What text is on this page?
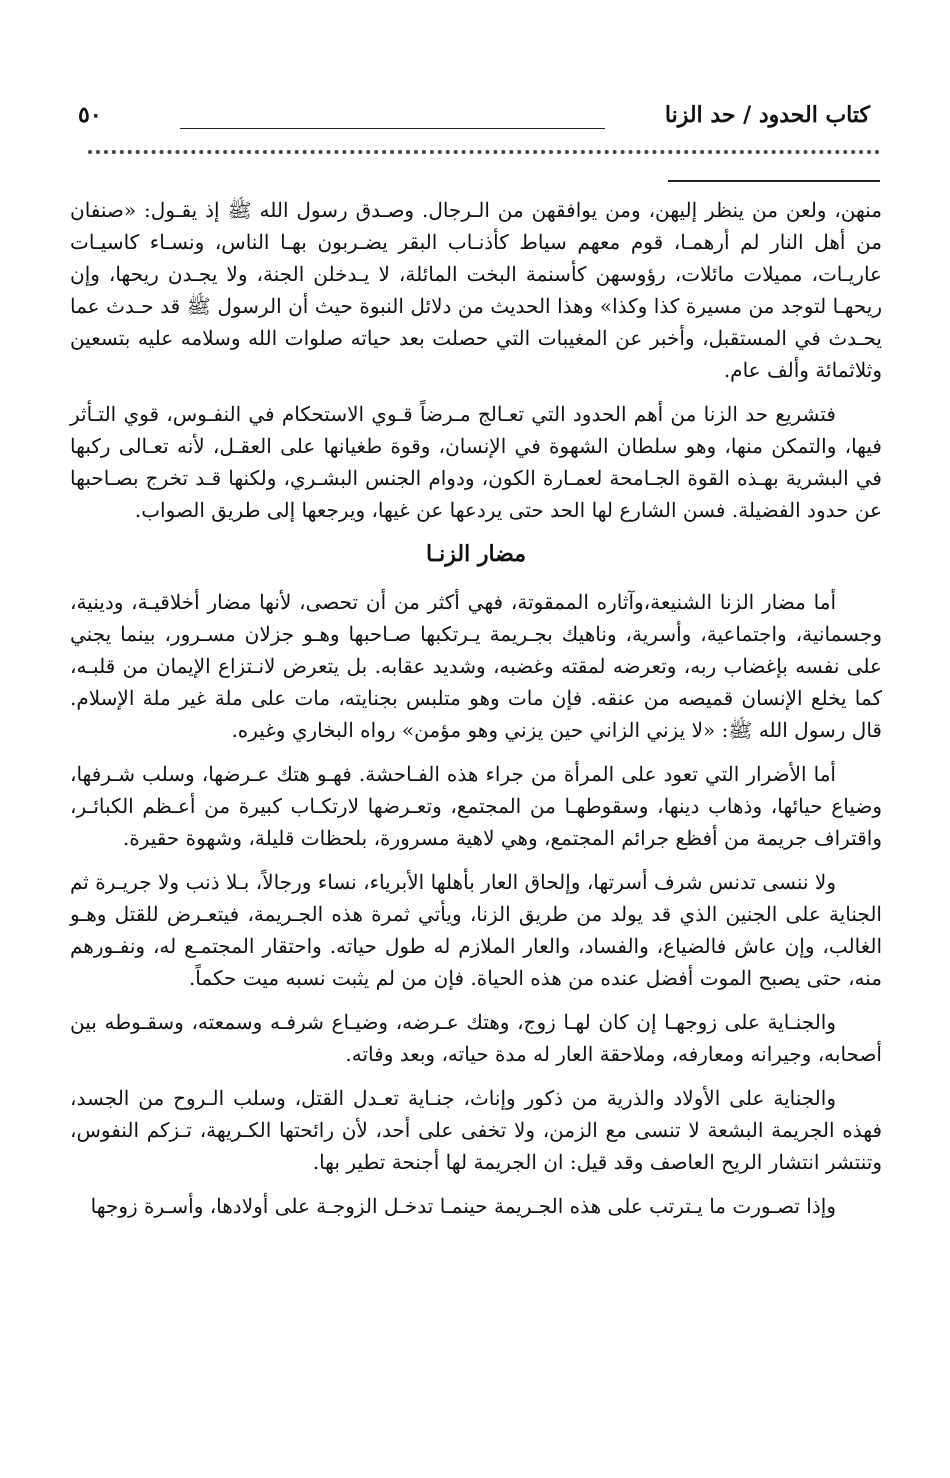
كتاب الحدود / حد الزنا
٥٠

منهن، ولعن من ينظر إليهن، ومن يوافقهن من الـرجال. وصـدق رسول الله ﷺ إذ يقـول: «صنفان من أهل النار لم أرهمـا، قوم معهم سياط كأذنـاب البقر يضـربون بهـا الناس، ونسـاء كاسيـات عاريـات، مميلات مائلات، رؤوسهن كأسنمة البخت المائلة، لا يـدخلن الجنة، ولا يجـدن ريحها، وإن ريحهـا لتوجد من مسيرة كذا وكذا» وهذا الحديث من دلائل النبوة حيث أن الرسول ﷺ قد حـدث عما يحـدث في المستقبل، وأخبر عن المغيبات التي حصلت بعد حياته صلوات الله وسلامه عليه بتسعين وثلاثمائة وألف عام.

فتشريع حد الزنا من أهم الحدود التي تعـالج مـرضاً قـوي الاستحكام في النفـوس، قوي التـأثر فيها، والتمكن منها، وهو سلطان الشهوة في الإنسان، وقوة طغيانها على العقـل، لأنه تعـالى ركبها في البشرية بهـذه القوة الجـامحة لعمـارة الكون، ودوام الجنس البشـري، ولكنها قـد تخرج بصـاحبها عن حدود الفضيلة. فسن الشارع لها الحد حتى يردعها عن غيها، ويرجعها إلى طريق الصواب.

مضار الزنـا

أما مضار الزنا الشنيعة،وآثاره الممقوتة، فهي أكثر من أن تحصى، لأنها مضار أخلاقيـة، ودينية، وجسمانية، واجتماعية، وأسرية، وناهيك بجـريمة يـرتكبها صـاحبها وهـو جزلان مسـرور، بينما يجني على نفسه بإغضاب ربه، وتعرضه لمقته وغضبه، وشديد عقابه. بل يتعرض لانـتزاع الإيمان من قلبـه، كما يخلع الإنسان قميصه من عنقه. فإن مات وهو متلبس بجنايته، مات على ملة غير ملة الإسلام. قال رسول الله ﷺ: «لا يزني الزاني حين يزني وهو مؤمن» رواه البخاري وغيره.

أما الأضرار التي تعود على المرأة من جراء هذه الفـاحشة. فهـو هتك عـرضها، وسلب شـرفها، وضياع حيائها، وذهاب دينها، وسقوطهـا من المجتمع، وتعـرضها لارتكـاب كبيرة من أعـظم الكبائـر، واقتراف جريمة من أفظع جرائم المجتمع، وهي لاهية مسرورة، بلحظات قليلة، وشهوة حقيرة.

ولا ننسى تدنس شرف أسرتها، وإلحاق العار بأهلها الأبرياء، نساء ورجالاً، بـلا ذنب ولا جريـرة ثم الجناية على الجنين الذي قد يولد من طريق الزنا، ويأتي ثمرة هذه الجـريمة، فيتعـرض للقتل وهـو الغالب، وإن عاش فالضياع، والفساد، والعار الملازم له طول حياته. واحتقار المجتمـع له، ونفـورهم منه، حتى يصبح الموت أفضل عنده من هذه الحياة. فإن من لم يثبت نسبه ميت حكماً.

والجنـاية على زوجهـا إن كان لهـا زوج، وهتك عـرضه، وضيـاع شرفـه وسمعته، وسقـوطه بين أصحابه، وجيرانه ومعارفه، وملاحقة العار له مدة حياته، وبعد وفاته.

والجناية على الأولاد والذرية من ذكور وإناث، جنـاية تعـدل القتل، وسلب الـروح من الجسد، فهذه الجريمة البشعة لا تنسى مع الزمن، ولا تخفى على أحد، لأن رائحتها الكـريهة، تـزكم النفوس، وتنتشر انتشار الريح العاصف وقد قيل: ان الجريمة لها أجنحة تطير بها.

وإذا تصـورت ما يـترتب على هذه الجـريمة حينمـا تدخـل الزوجـة على أولادها، وأسـرة زوجها
